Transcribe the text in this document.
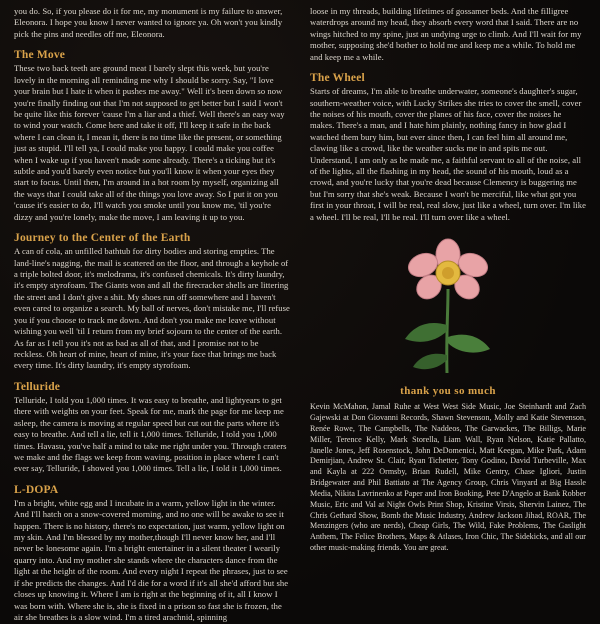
you do. So, if you please do it for me, my monument is my failure to answer, Eleonora. I hope you know I never wanted to ignore ya. Oh won't you kindly pick the pins and needles off me, Eleonora.

The Move

These two back teeth are ground meat I barely slept this week, but you're lovely in the morning all reminding me why I should be sorry. Say, "I love your brain but I hate it when it pushes me away." Well it's been down so now you're finally finding out that I'm not supposed to get better but I said I won't be quite like this forever 'cause I'm a liar and a thief. Well there's an easy way to wind your watch. Come here and take it off, I'll keep it safe in the back where I can clean it, I mean it, there is no time like the present, or something just as stupid. I'll tell ya, I could make you happy. I could make you coffee when I wake up if you haven't made some already. There's a ticking but it's subtle and you'd barely even notice but you'll know it when your eyes they start to focus. Until then, I'm around in a hot room by myself, organizing all the ways that I could take all of the things you love away. So I put it on you 'cause it's easier to do, I'll watch you smoke until you know me, 'til you're dizzy and you're lonely, make the move, I am leaving it up to you.

Journey to the Center of the Earth

A can of cola, an unfilled bathtub for dirty bodies and storing empties. The land-line's nagging, the mail is scattered on the floor, and through a keyhole of a triple bolted door, it's melodrama, it's confused chemicals. It's dirty laundry, it's empty styrofoam. The Giants won and all the firecracker shells are littering the street and I don't give a shit. My shoes run off somewhere and I haven't even cared to organize a search. My ball of nerves, don't mistake me, I'll refuse you if you choose to track me down. And don't you make me leave without wishing you well 'til I return from my brief sojourn to the center of the earth. As far as I tell you it's not as bad as all of that, and I promise not to be reckless. Oh heart of mine, heart of mine, it's your face that brings me back every time. It's dirty laundry, it's empty styrofoam.

Telluride

Telluride, I told you 1,000 times. It was easy to breathe, and lightyears to get there with weights on your feet. Speak for me, mark the page for me keep me asleep, the camera is moving at regular speed but cut out the parts where it's easy to breathe. And tell a lie, tell it 1,000 times. Telluride, I told you 1,000 times. Havasu, you've half a mind to take me right under you. Through craters we make and the flags we keep from waving, position in place where I can't ever say, Telluride, I showed you 1,000 times. Tell a lie, I told it 1,000 times.

L-DOPA

I'm a bright, white egg and I incubate in a warm, yellow light in the winter. And I'll hatch on a snow-covered morning, and no one will be awake to see it happen. There is no history, there's no expectation, just warm, yellow light on my skin. And I'm blessed by my mother,though I'll never know her, and I'll never be lonesome again. I'm a bright entertainer in a silent theater I wearily quarry into. And my mother she stands where the characters dance from the light at the height of the room. And every night I repeat the phrases, just to see if she predicts the changes. And I'd die for a word if it's all she'd afford but she closes up knowing it. Where I am is right at the beginning of it, all I know I was born with. Where she is, she is fixed in a prison so fast she is frozen, the air she breathes is a slow wind. I'm a tired arachnid, spinning

loose in my threads, building lifetimes of gossamer beds. And the filligree waterdrops around my head, they absorb every word that I said. There are no wings hitched to my spine, just an undying urge to climb. And I'll wait for my mother, supposing she'd bother to hold me and keep me a while. To hold me and keep me a while.

The Wheel

Starts of dreams, I'm able to breathe underwater, someone's daughter's sugar, southern-weather voice, with Lucky Strikes she tries to cover the smell, cover the noises of his mouth, cover the planes of his face, cover the noises he makes. There's a man, and I hate him plainly, nothing fancy in how glad I watched them bury him, but ever since then, I can feel him all around me, clawing like a crowd, like the weather sucks me in and spits me out. Understand, I am only as he made me, a faithful servant to all of the noise, all of the lights, all the flashing in my head, the sound of his mouth, loud as a crowd, and you're lucky that you're dead because Clemency is buggering me but I'm sorry that she's weak. Because I won't be merciful, like what got you first in your throat, I will be real, real slow, just like a wheel, turn over. I'm like a wheel. I'll be real, I'll be real. I'll turn over like a wheel.

thank you so much

Kevin McMahon, Jamal Ruhe at West West Side Music, Joe Steinhardt and Zach Gajewski at Don Giovanni Records, Shawn Stevenson, Molly and Katie Stevenson, Renée Rowe, The Campbells, The Naddeos, The Garwackes, The Billigs, Marie Miller, Terence Kelly, Mark Storella, Liam Wall, Ryan Nelson, Katie Pallatto, Janelle Jones, Jeff Rosenstock, John DeDomenici, Matt Keegan, Mike Park, Adam Demirjian, Andrew St. Clair, Ryan Tichetter, Tony Godino, David Turbeville, Max and Kayla at 222 Ormsby, Brian Rudell, Mike Gentry, Chase Igliori, Justin Bridgewater and Phil Battiato at The Agency Group, Chris Vinyard at Big Hassle Media, Nikita Lavrinenko at Paper and Iron Booking, Pete D'Angelo at Bank Robber Music, Eric and Val at Night Owls Print Shop, Kristine Virsis, Shervin Lainez, The Chris Gethard Show, Bomb the Music Industry, Andrew Jackson Jihad, ROAR, The Menzingers (who are nerds), Cheap Girls, The Wild, Fake Problems, The Gaslight Anthem, The Felice Brothers, Maps & Atlases, Iron Chic, The Sidekicks, and all our other music-making friends. You are great.
